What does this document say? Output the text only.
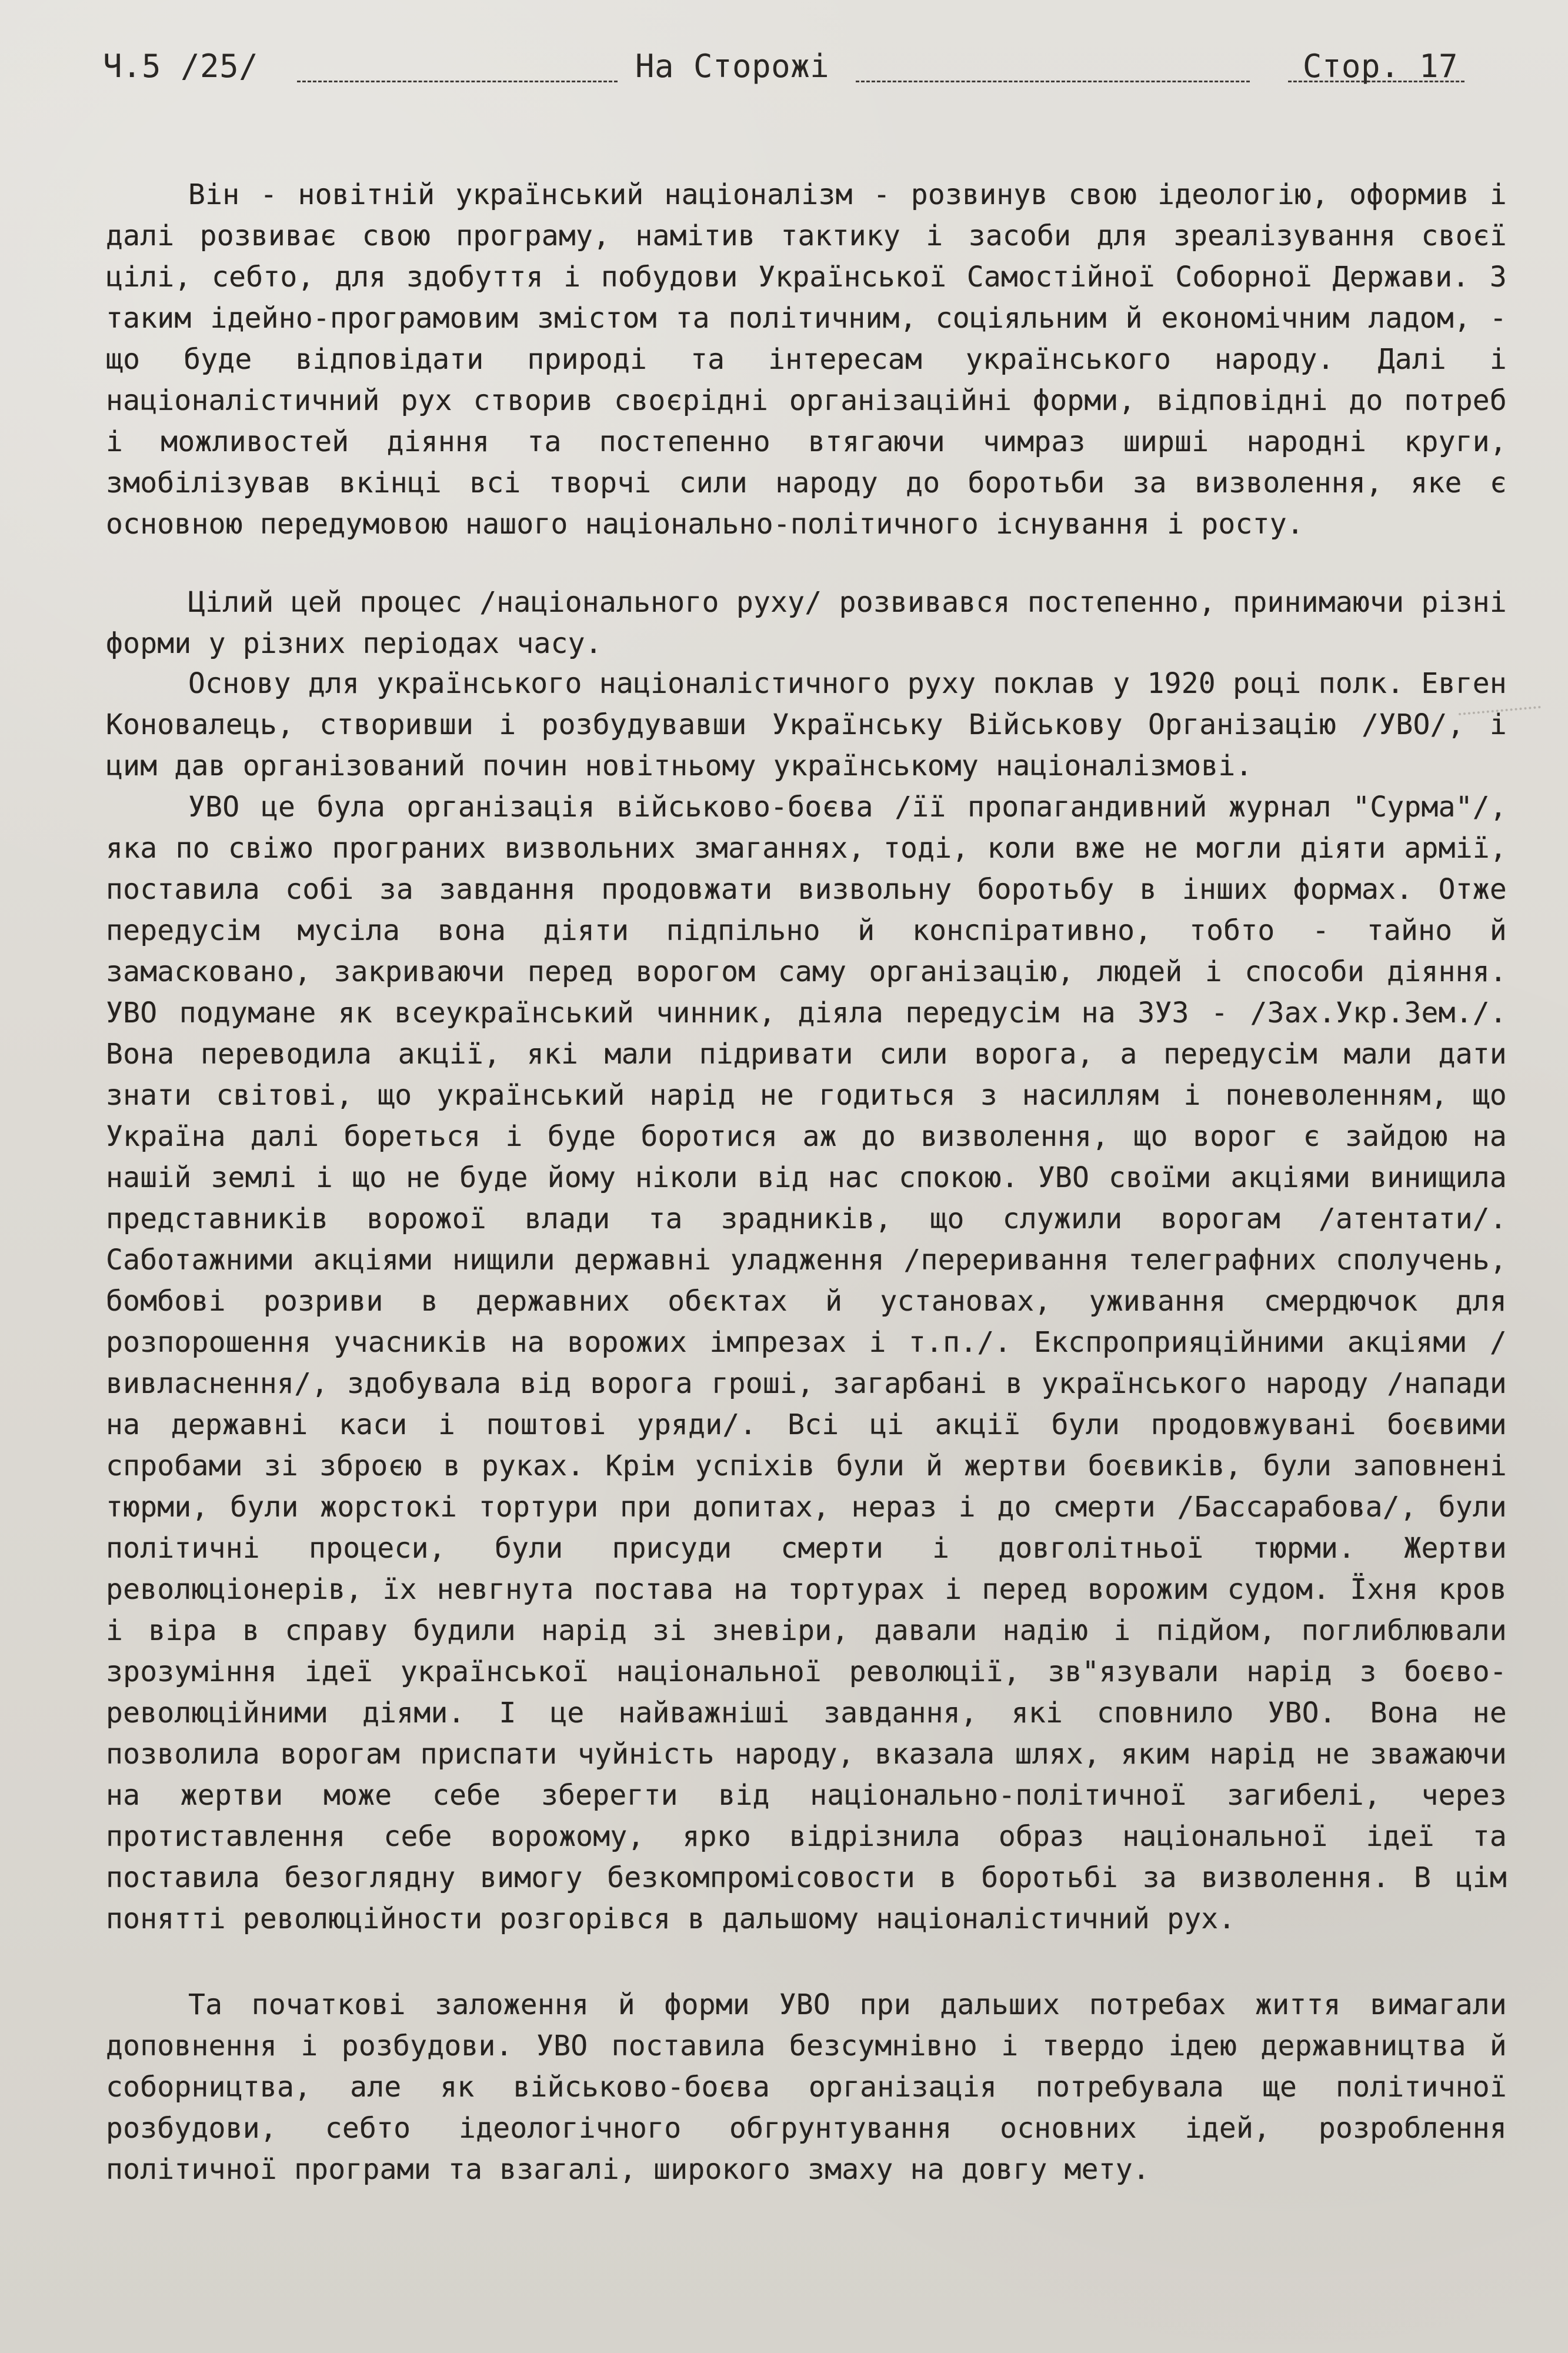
Ч.5 /25/	На Сторожі	Стор. 17

Він - новітній український націоналізм - розвинув свою ідеологію, оформив і далі розвиває свою програму, намітив тактику і засоби для зреалізування своєї цілі, себто, для здобуття і побудови Української Самостійної Соборної Держави. З таким ідейно-програмовим змістом та політичним, соціяльним й економічним ладом, - що буде відповідати природі та інтересам українського народу. Далі і націоналістичний рух створив своєрідні організаційні форми, відповідні до потреб і можливостей діяння та постепенно втягаючи чимраз ширші народні круги, змобілізував вкінці всі творчі сили народу до боротьби за визволення, яке є основною передумовою нашого національно-політичного існування і росту.

Цілий цей процес /національного руху/ розвивався постепенно, принимаючи різні форми у різних періодах часу.

Основу для українського націоналістичного руху поклав у 1920 році полк. Евген Коновалець, створивши і розбудувавши Українську Військову Організацію /УВО/, і цим дав організований почин новітньому українському націоналізмові.

УВО це була організація військово-боєва /її пропагандивний журнал "Сурма"/, яка по свіжо програних визвольних змаганнях, тоді, коли вже не могли діяти армії, поставила собі за завдання продовжати визвольну боротьбу в інших формах. Отже передусім мусіла вона діяти підпільно й конспіративно, тобто - тайно й замасковано, закриваючи перед ворогом саму організацію, людей і способи діяння. УВО подумане як всеукраїнський чинник, діяла передусім на ЗУЗ - /Зах.Укр.Зем./. Вона переводила акції, які мали підривати сили ворога, а передусім мали дати знати світові, що український нарід не годиться з насиллям і поневоленням, що Україна далі бореться і буде боротися аж до визволення, що ворог є зайдою на нашій землі і що не буде йому ніколи від нас спокою. УВО своїми акціями винищила представників ворожої влади та зрадників, що служили ворогам /атентати/. Саботажними акціями нищили державні уладження /переривання телеграфних сполучень, бомбові розриви в державних обєктах й установах, уживання смердючок для розпорошення учасників на ворожих імпрезах і т.п./. Експроприяційними акціями /вивласнення/, здобувала від ворога гроші, загарбані в українського народу /напади на державні каси і поштові уряди/. Всі ці акції були продовжувані боєвими спробами зі зброєю в руках. Крім успіхів були й жертви боєвиків, були заповнені тюрми, були жорстокі тортури при допитах, нераз і до смерти /Бассарабова/, були політичні процеси, були присуди смерти і довголітньої тюрми. Жертви революціонерів, їх невгнута постава на тортурах і перед ворожим судом. Їхня кров і віра в справу будили нарід зі зневіри, давали надію і підйом, поглиблювали зрозуміння ідеї української національної революції, зв"язували нарід з боєво-революційними діями. І це найважніші завдання, які сповнило УВО. Вона не позволила ворогам приспати чуйність народу, вказала шлях, яким нарід не зважаючи на жертви може себе зберегти від національно-політичної загибелі, через протиставлення себе ворожому, ярко відрізнила образ національної ідеї та поставила безоглядну вимогу безкомпромісовости в боротьбі за визволення. В цім понятті революційности розгорівся в дальшому націоналістичний рух.

Та початкові заложення й форми УВО при дальших потребах життя вимагали доповнення і розбудови. УВО поставила безсумнівно і твердо ідею державництва й соборництва, але як військово-боєва організація потребувала ще політичної розбудови, себто ідеологічного обгрунтування основних ідей, розроблення політичної програми та взагалі, широкого змаху на довгу мету.
